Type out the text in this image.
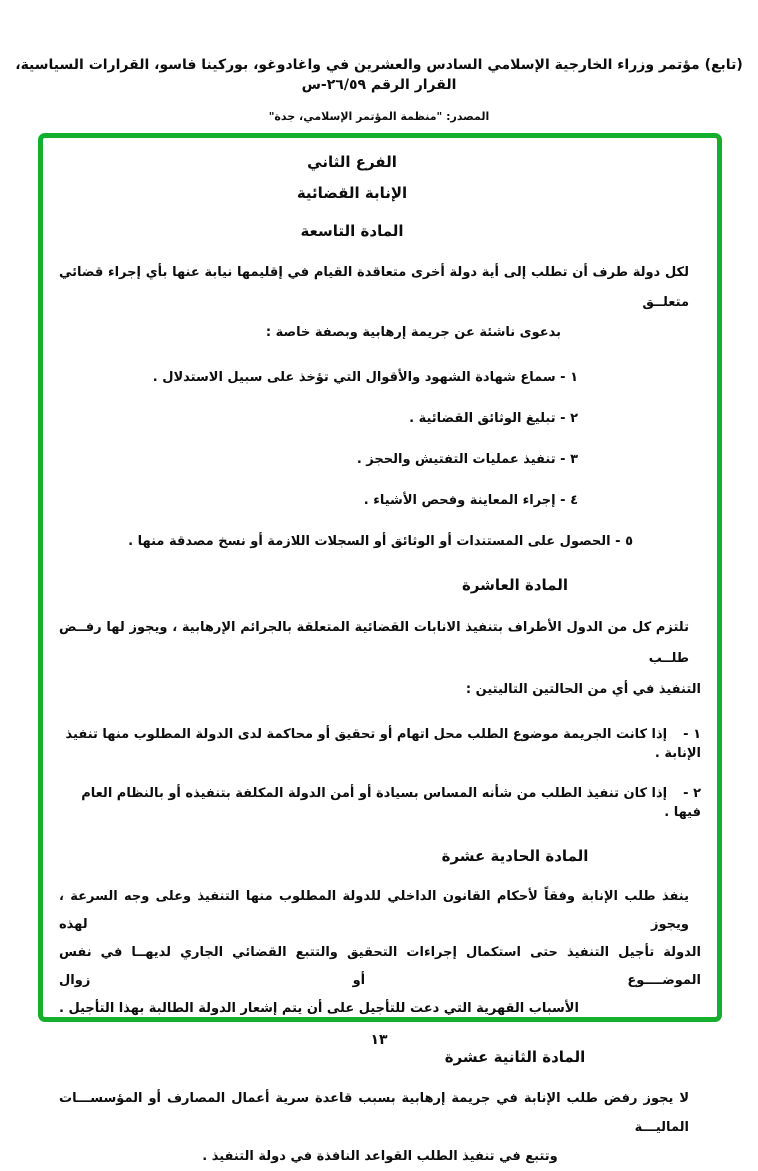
(تابع) مؤتمر وزراء الخارجية الإسلامي السادس والعشرين في واغادوغو، بوركينا فاسو، القرارات السياسية، القرار الرقم ٢٦/٥٩-س
المصدر: "منظمة المؤتمر الإسلامي، جدة"
الفرع الثاني
الإنابة القضائية
المادة التاسعة
لكل دولة طرف أن تطلب إلى أية دولة أخرى متعاقدة القيام في إقليمها نيابة عنها بأي إجراء قضائي متعلــق
بدعوى ناشئة عن جريمة إرهابية وبصفة خاصة :
١ - سماع شهادة الشهود والأقوال التي تؤخذ على سبيل الاستدلال .
٢ - تبليغ الوثائق القضائية .
٣ - تنفيذ عمليات التفتيش والحجز .
٤ - إجراء المعاينة وفحص الأشياء .
٥ - الحصول على المستندات أو الوثائق أو السجلات اللازمة أو نسخ مصدقة منها .
المادة العاشرة
تلتزم كل من الدول الأطراف بتنفيذ الانابات القضائية المتعلقة بالجرائم الإرهابية ، ويجوز لها رفــض طلــب
التنفيذ في أي من الحالتين التاليتين :
١ -إذا كانت الجريمة موضوع الطلب محل اتهام أو تحقيق أو محاكمة لدى الدولة المطلوب منها تنفيذ الإنابة .
٢ -إذا كان تنفيذ الطلب من شأنه المساس بسيادة أو أمن الدولة المكلفة بتنفيذه أو بالنظام العام فيها .
المادة الحادية عشرة
ينفذ طلب الإنابة وفقاً لأحكام القانون الداخلي للدولة المطلوب منها التنفيذ وعلى وجه السرعة ، ويجوز لهذه
الدولة تأجيل التنفيذ حتى استكمال إجراءات التحقيق والتتبع القضائي الجاري لديهــا في نفس الموضــــوع أو زوال
الأسباب القهرية التي دعت للتأجيل على أن يتم إشعار الدولة الطالبة بهذا التأجيل .
المادة الثانية عشرة
لا يجوز رفض طلب الإنابة في جريمة إرهابية بسبب قاعدة سرية أعمال المصارف أو المؤسســـات الماليـــة
وتتبع في تنفيذ الطلب القواعد النافذة في دولة التنفيذ .
١٣
